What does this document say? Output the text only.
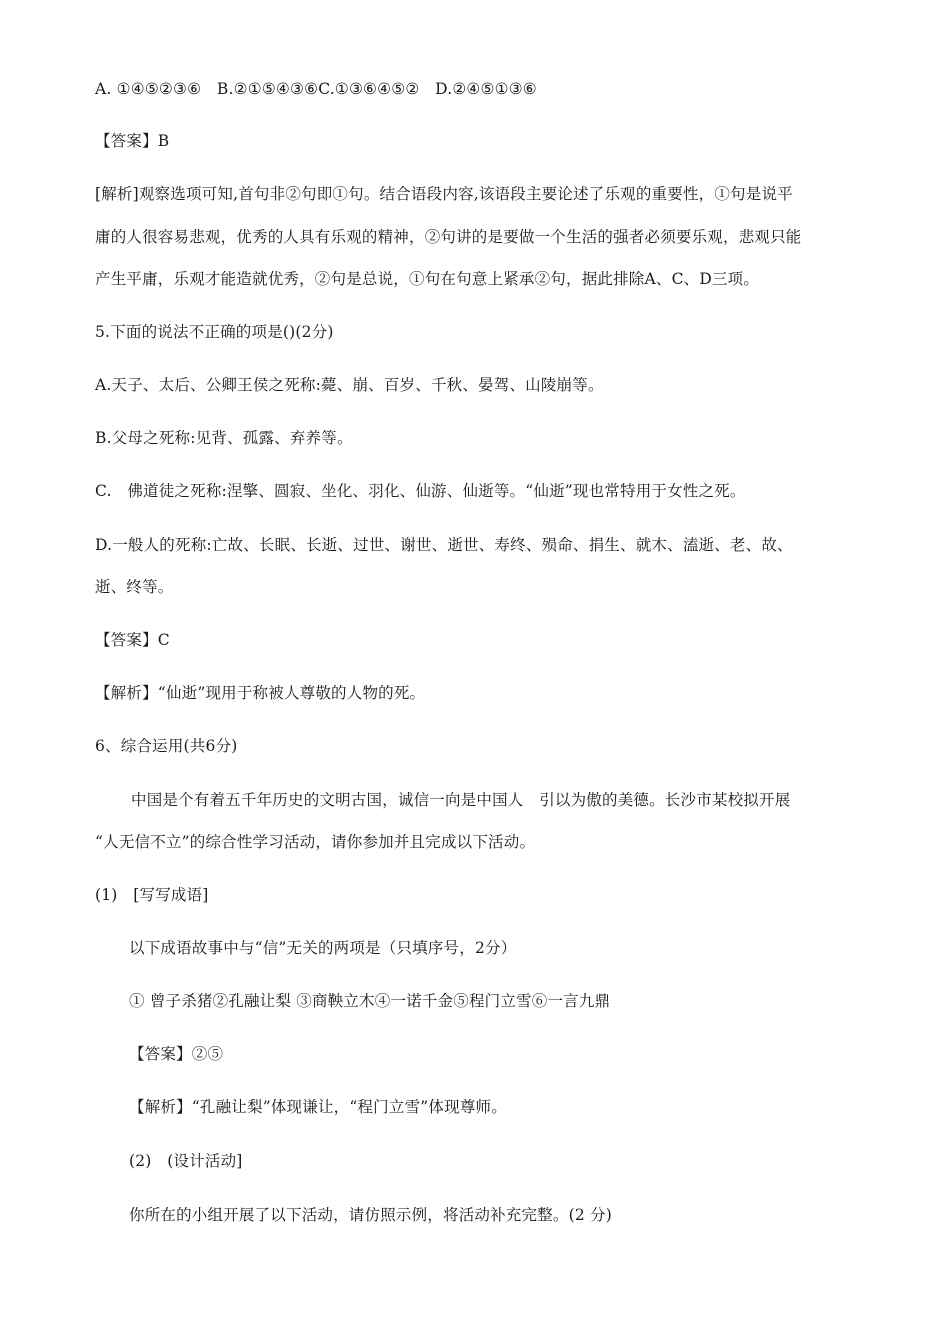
A. ①④⑤②③⑥　B.②①⑤④③⑥C.①③⑥④⑤②　D.②④⑤①③⑥
【答案】B
[解析]观察选项可知,首句非②句即①句。结合语段内容,该语段主要论述了乐观的重要性，①句是说平
庸的人很容易悲观，优秀的人具有乐观的精神，②句讲的是要做一个生活的强者必须要乐观，悲观只能
产生平庸，乐观才能造就优秀，②句是总说，①句在句意上紧承②句，据此排除A、C、D三项。
5.下面的说法不正确的项是()(2分)
A.天子、太后、公卿王侯之死称:薨、崩、百岁、千秋、晏驾、山陵崩等。
B.父母之死称:见背、孤露、弃养等。
C.　佛道徒之死称:涅擎、圆寂、坐化、羽化、仙游、仙逝等。“仙逝”现也常特用于女性之死。
D.一般人的死称:亡故、长眠、长逝、过世、谢世、逝世、寿终、殒命、捐生、就木、溘逝、老、故、
逝、终等。
【答案】C
【解析】“仙逝”现用于称被人尊敬的人物的死。
6、综合运用(共6分)
中国是个有着五千年历史的文明古国，诚信一向是中国人　引以为傲的美德。长沙市某校拟开展
“人无信不立”的综合性学习活动，请你参加并且完成以下活动。
(1)　[写写成语]
以下成语故事中与“信”无关的两项是（只填序号，2分）
① 曾子杀猪②孔融让梨 ③商鞅立木④一诺千金⑤程门立雪⑥一言九鼎
【答案】②⑤
【解析】“孔融让梨”体现谦让，“程门立雪”体现尊师。
(2)　(设计活动]
你所在的小组开展了以下活动，请仿照示例，将活动补充完整。(2 分)
